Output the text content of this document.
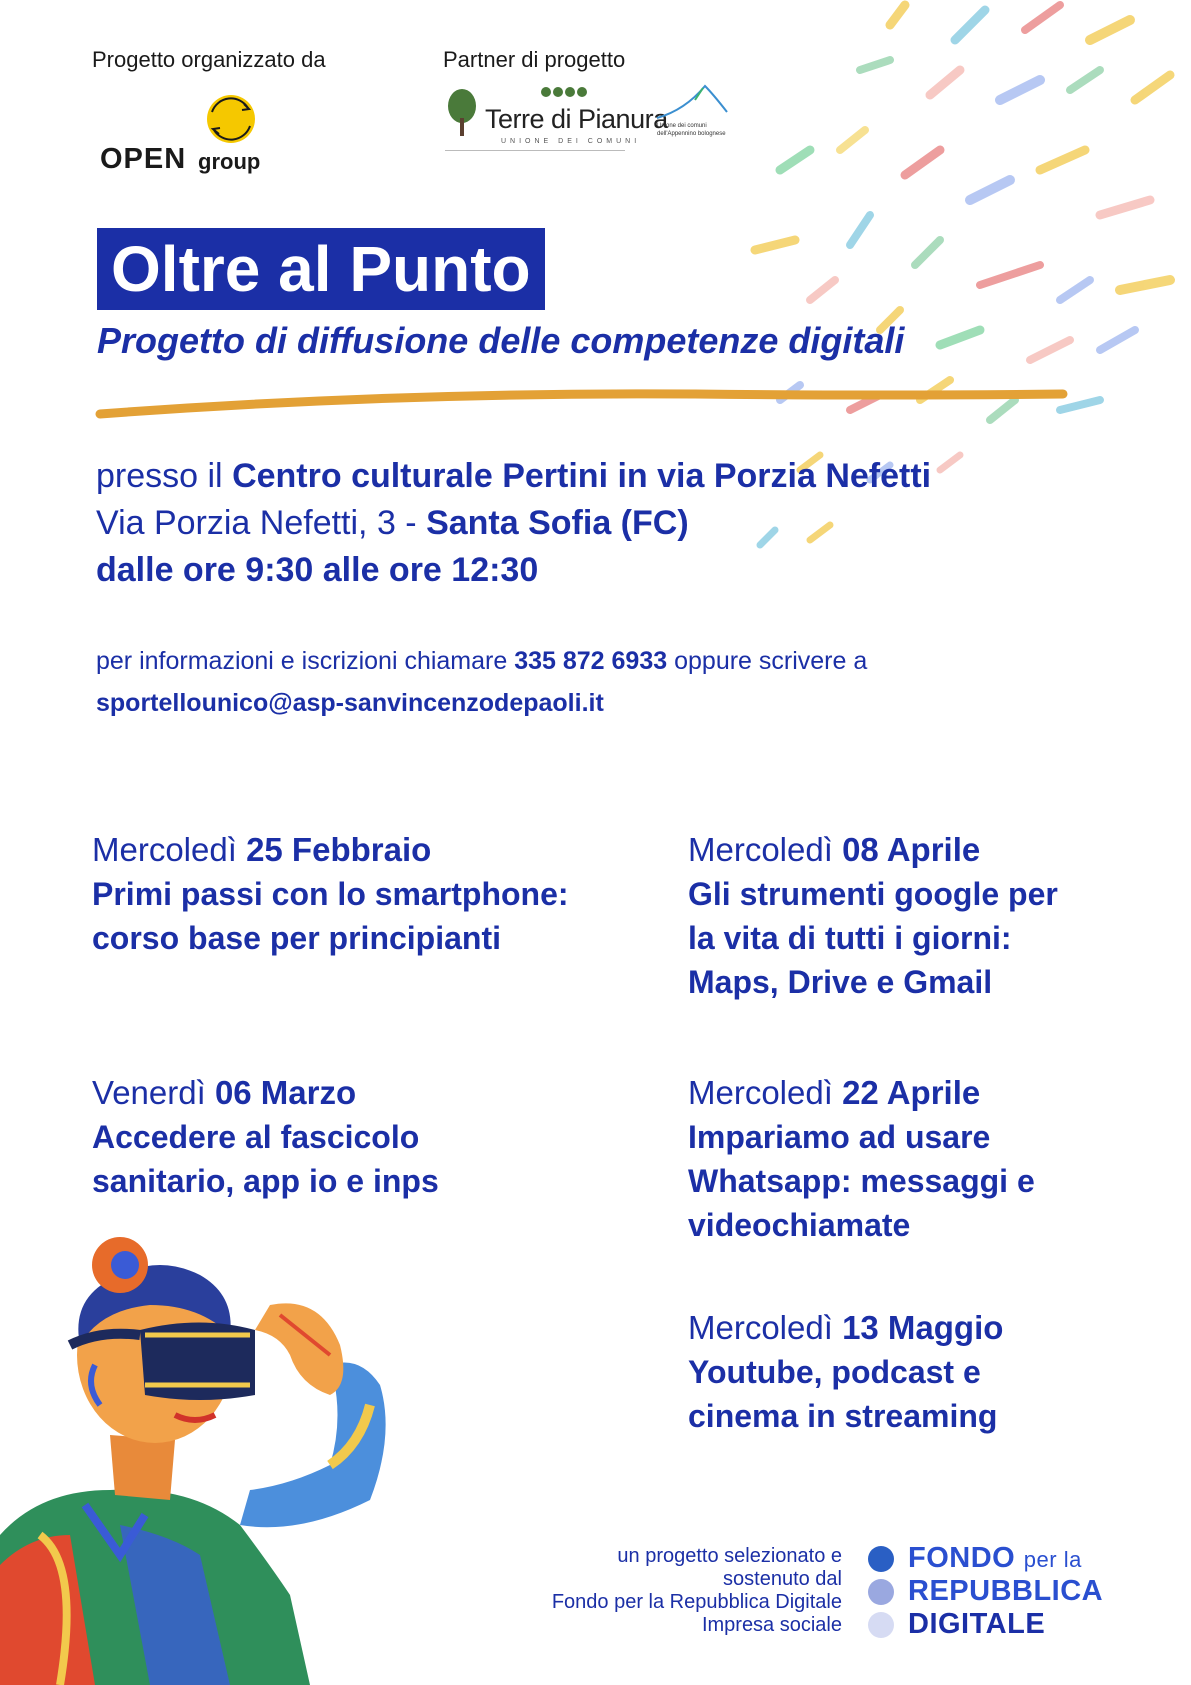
Progetto organizzato da
OPEN group
Partner di progetto
Terre di Pianura
UNIONE DEI COMUNI
Unione dei comuni dell'Appennino bolognese
Oltre al Punto
Progetto di diffusione delle competenze digitali
presso il Centro culturale Pertini in via Porzia Nefetti
Via Porzia Nefetti, 3 - Santa Sofia (FC)
dalle ore 9:30 alle ore 12:30
per informazioni e iscrizioni chiamare 335 872 6933 oppure scrivere a
sportellounico@asp-sanvincenzodepaoli.it
Mercoledì 25 Febbraio
Primi passi con lo smartphone:
corso base per principianti
Venerdì 06 Marzo
Accedere al fascicolo
sanitario, app io e inps
Mercoledì 08 Aprile
Gli strumenti google per
la vita di tutti i giorni:
Maps, Drive e Gmail
Mercoledì 22 Aprile
Impariamo ad usare
Whatsapp: messaggi e
videochiamate
Mercoledì 13 Maggio
Youtube, podcast e
cinema in streaming
un progetto selezionato e
sostenuto dal
Fondo per la Repubblica Digitale
Impresa sociale
FONDO per la
REPUBBLICA
DIGITALE
